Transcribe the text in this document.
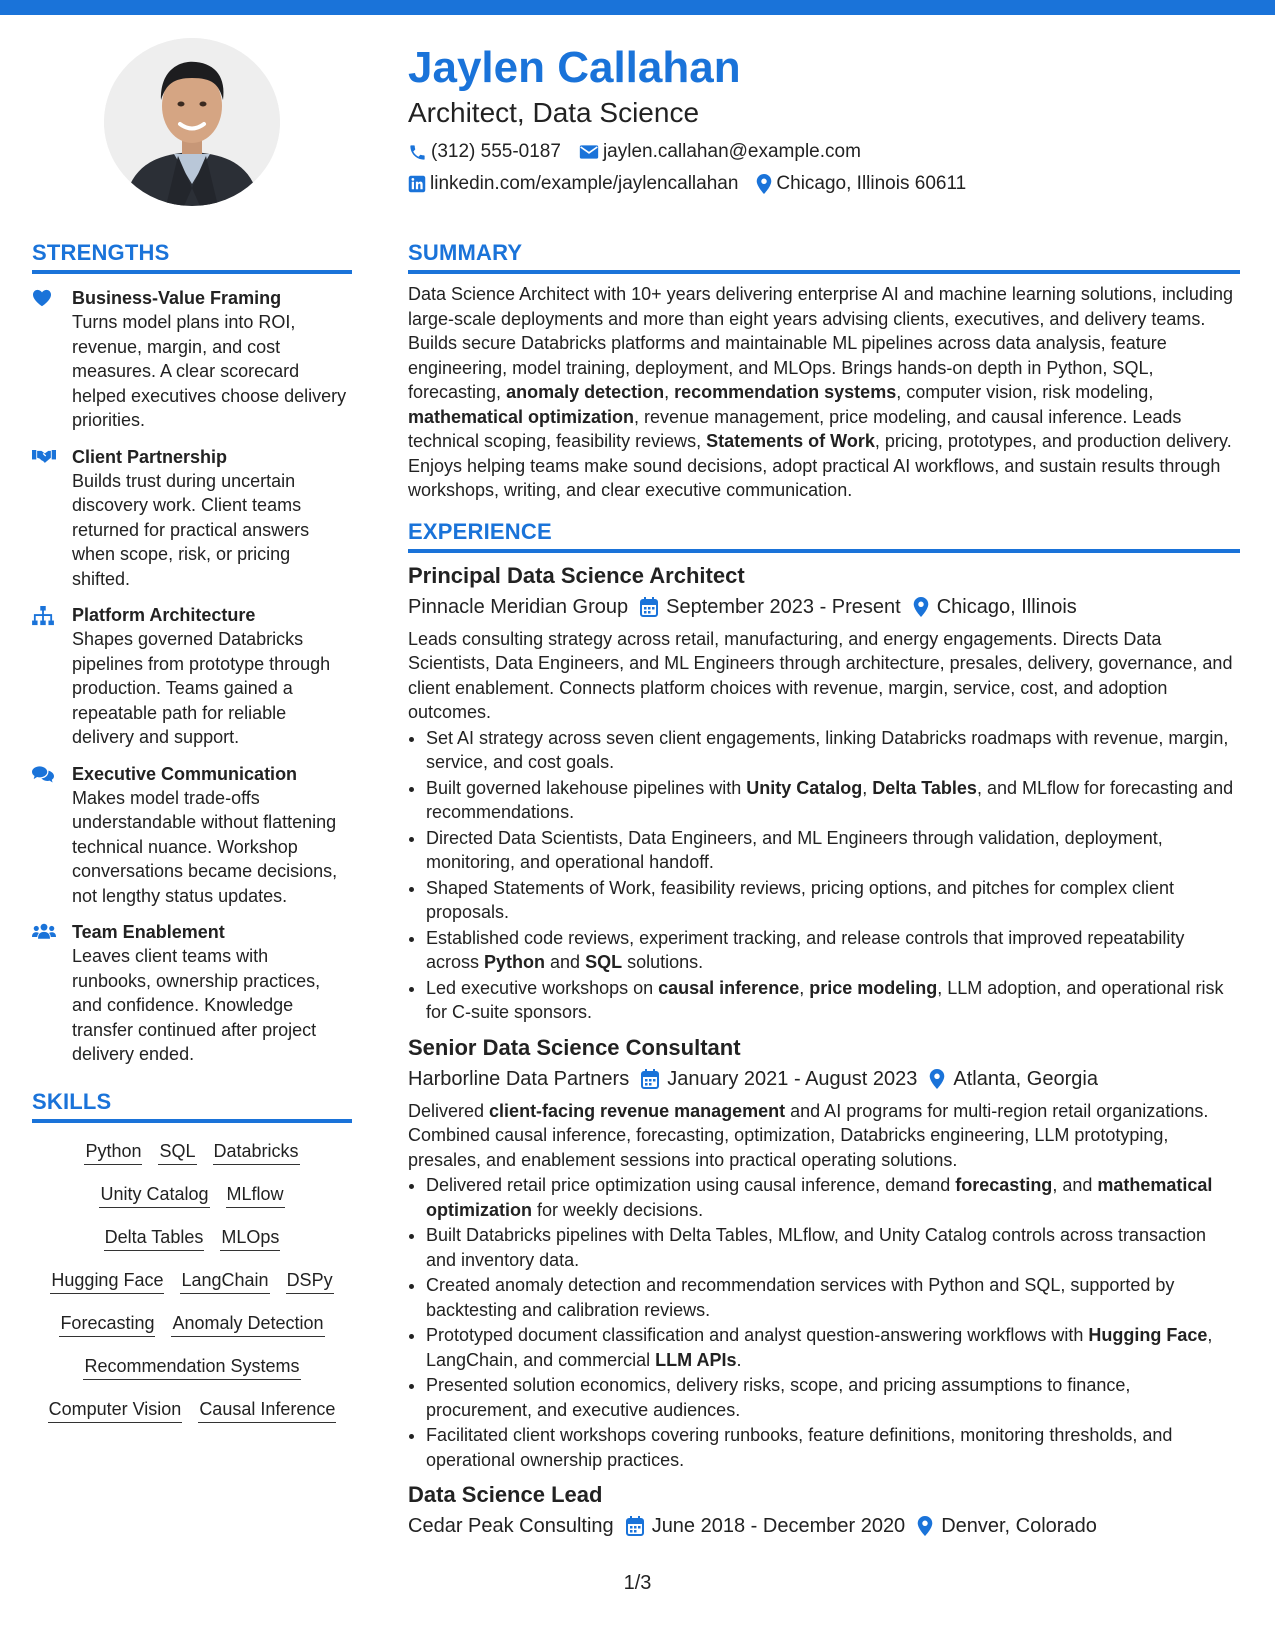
Jaylen Callahan
Architect, Data Science
(312) 555-0187 jaylen.callahan@example.com
linkedin.com/example/jaylencallahan Chicago, Illinois 60611
STRENGTHS
Business-Value Framing
Turns model plans into ROI, revenue, margin, and cost measures. A clear scorecard helped executives choose delivery priorities.
Client Partnership
Builds trust during uncertain discovery work. Client teams returned for practical answers when scope, risk, or pricing shifted.
Platform Architecture
Shapes governed Databricks pipelines from prototype through production. Teams gained a repeatable path for reliable delivery and support.
Executive Communication
Makes model trade-offs understandable without flattening technical nuance. Workshop conversations became decisions, not lengthy status updates.
Team Enablement
Leaves client teams with runbooks, ownership practices, and confidence. Knowledge transfer continued after project delivery ended.
SKILLS
Python SQL Databricks
Unity Catalog MLflow
Delta Tables MLOps
Hugging Face LangChain DSPy
Forecasting Anomaly Detection
Recommendation Systems
Computer Vision Causal Inference
SUMMARY

Data Science Architect with 10+ years delivering enterprise AI and machine learning solutions, including large-scale deployments and more than eight years advising clients, executives, and delivery teams. Builds secure Databricks platforms and maintainable ML pipelines across data analysis, feature engineering, model training, deployment, and MLOps. Brings hands-on depth in Python, SQL, forecasting, anomaly detection, recommendation systems, computer vision, risk modeling, mathematical optimization, revenue management, price modeling, and causal inference. Leads technical scoping, feasibility reviews, Statements of Work, pricing, prototypes, and production delivery. Enjoys helping teams make sound decisions, adopt practical AI workflows, and sustain results through workshops, writing, and clear executive communication.

EXPERIENCE
Principal Data Science Architect
Pinnacle Meridian Group September 2023 - Present Chicago, Illinois
Leads consulting strategy across retail, manufacturing, and energy engagements. Directs Data Scientists, Data Engineers, and ML Engineers through architecture, presales, delivery, governance, and client enablement. Connects platform choices with revenue, margin, service, cost, and adoption outcomes.
• Set AI strategy across seven client engagements, linking Databricks roadmaps with revenue, margin, service, and cost goals.
• Built governed lakehouse pipelines with Unity Catalog, Delta Tables, and MLflow for forecasting and recommendations.
• Directed Data Scientists, Data Engineers, and ML Engineers through validation, deployment, monitoring, and operational handoff.
• Shaped Statements of Work, feasibility reviews, pricing options, and pitches for complex client proposals.
• Established code reviews, experiment tracking, and release controls that improved repeatability across Python and SQL solutions.
• Led executive workshops on causal inference, price modeling, LLM adoption, and operational risk for C-suite sponsors.
Senior Data Science Consultant
Harborline Data Partners January 2021 - August 2023 Atlanta, Georgia
Delivered client-facing revenue management and AI programs for multi-region retail organizations. Combined causal inference, forecasting, optimization, Databricks engineering, LLM prototyping, presales, and enablement sessions into practical operating solutions.
• Delivered retail price optimization using causal inference, demand forecasting, and mathematical optimization for weekly decisions.
• Built Databricks pipelines with Delta Tables, MLflow, and Unity Catalog controls across transaction and inventory data.
• Created anomaly detection and recommendation services with Python and SQL, supported by backtesting and calibration reviews.
• Prototyped document classification and analyst question-answering workflows with Hugging Face, LangChain, and commercial LLM APIs.
• Presented solution economics, delivery risks, scope, and pricing assumptions to finance, procurement, and executive audiences.
• Facilitated client workshops covering runbooks, feature definitions, monitoring thresholds, and operational ownership practices.
Data Science Lead
Cedar Peak Consulting June 2018 - December 2020 Denver, Colorado
1/3
